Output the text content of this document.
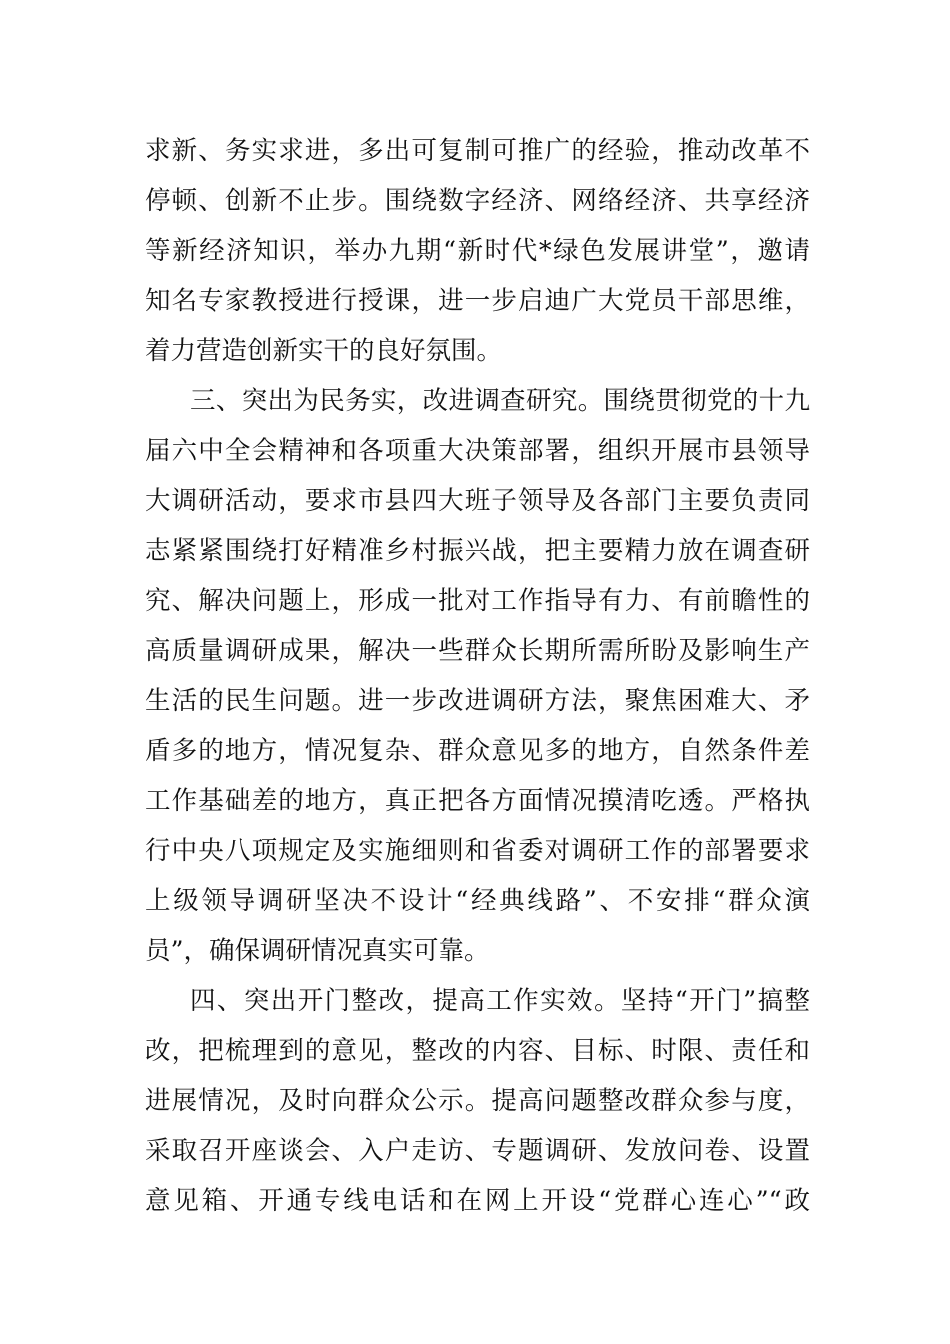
求新、务实求进，多出可复制可推广的经验，推动改革不
停顿、创新不止步。围绕数字经济、网络经济、共享经济
等新经济知识，举办九期“新时代*绿色发展讲堂”，邀请
知名专家教授进行授课，进一步启迪广大党员干部思维，
着力营造创新实干的良好氛围。
三、突出为民务实，改进调查研究。围绕贯彻党的十九
届六中全会精神和各项重大决策部署，组织开展市县领导
大调研活动，要求市县四大班子领导及各部门主要负责同
志紧紧围绕打好精准乡村振兴战，把主要精力放在调查研
究、解决问题上，形成一批对工作指导有力、有前瞻性的
高质量调研成果，解决一些群众长期所需所盼及影响生产
生活的民生问题。进一步改进调研方法，聚焦困难大、矛
盾多的地方，情况复杂、群众意见多的地方，自然条件差
工作基础差的地方，真正把各方面情况摸清吃透。严格执
行中央八项规定及实施细则和省委对调研工作的部署要求
上级领导调研坚决不设计“经典线路”、不安排“群众演
员”，确保调研情况真实可靠。
四、突出开门整改，提高工作实效。坚持“开门”搞整
改，把梳理到的意见，整改的内容、目标、时限、责任和
进展情况，及时向群众公示。提高问题整改群众参与度，
采取召开座谈会、入户走访、专题调研、发放问卷、设置
意见箱、开通专线电话和在网上开设“党群心连心”“政
